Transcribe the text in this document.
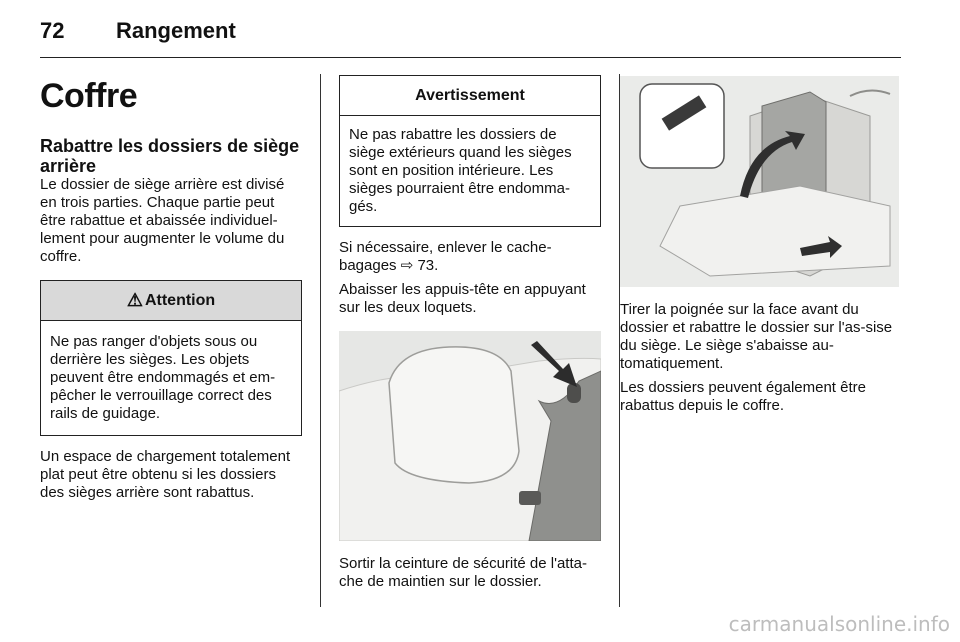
72 Rangement
Coffre
Rabattre les dossiers de siège arrière
Le dossier de siège arrière est divisé en trois parties. Chaque partie peut être rabattue et abaissée individuel-lement pour augmenter le volume du coffre.
⚠ Attention
Ne pas ranger d'objets sous ou derrière les sièges. Les objets peuvent être endommagés et em-pêcher le verrouillage correct des rails de guidage.
Un espace de chargement totalement plat peut être obtenu si les dossiers des sièges arrière sont rabattus.
Avertissement
Ne pas rabattre les dossiers de siège extérieurs quand les sièges sont en position intérieure. Les sièges pourraient être endomma-gés.
Si nécessaire, enlever le cache-bagages ⇨ 73.
Abaisser les appuis-tête en appuyant sur les deux loquets.
Sortir la ceinture de sécurité de l'atta-che de maintien sur le dossier.
Tirer la poignée sur la face avant du dossier et rabattre le dossier sur l'as-sise du siège. Le siège s'abaisse au-tomatiquement.
Les dossiers peuvent également être rabattus depuis le coffre.
carmanualsonline.info
